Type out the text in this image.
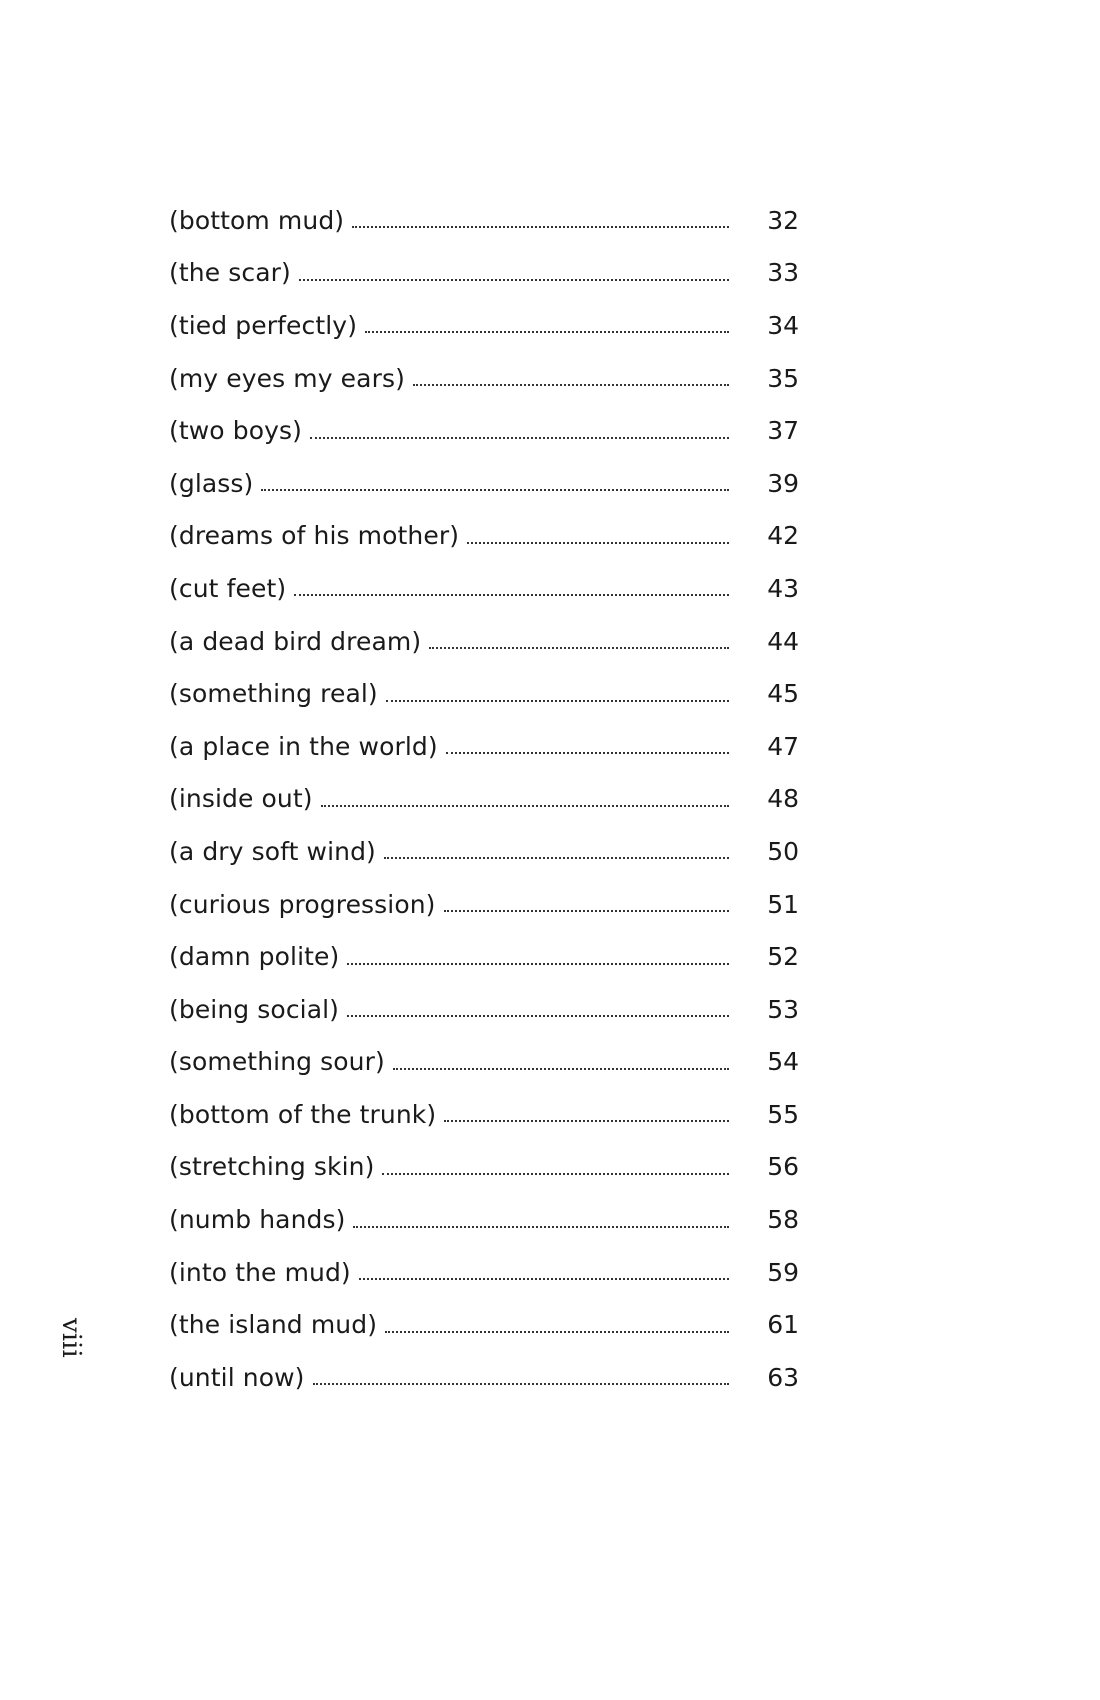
(bottom mud)	32
(the scar)	33
(tied perfectly)	34
(my eyes my ears)	35
(two boys)	37
(glass)	39
(dreams of his mother)	42
(cut feet)	43
(a dead bird dream)	44
(something real)	45
(a place in the world)	47
(inside out)	48
(a dry soft wind)	50
(curious progression)	51
(damn polite)	52
(being social)	53
(something sour)	54
(bottom of the trunk)	55
(stretching skin)	56
(numb hands)	58
(into the mud)	59
(the island mud)	61
(until now)	63
viii
